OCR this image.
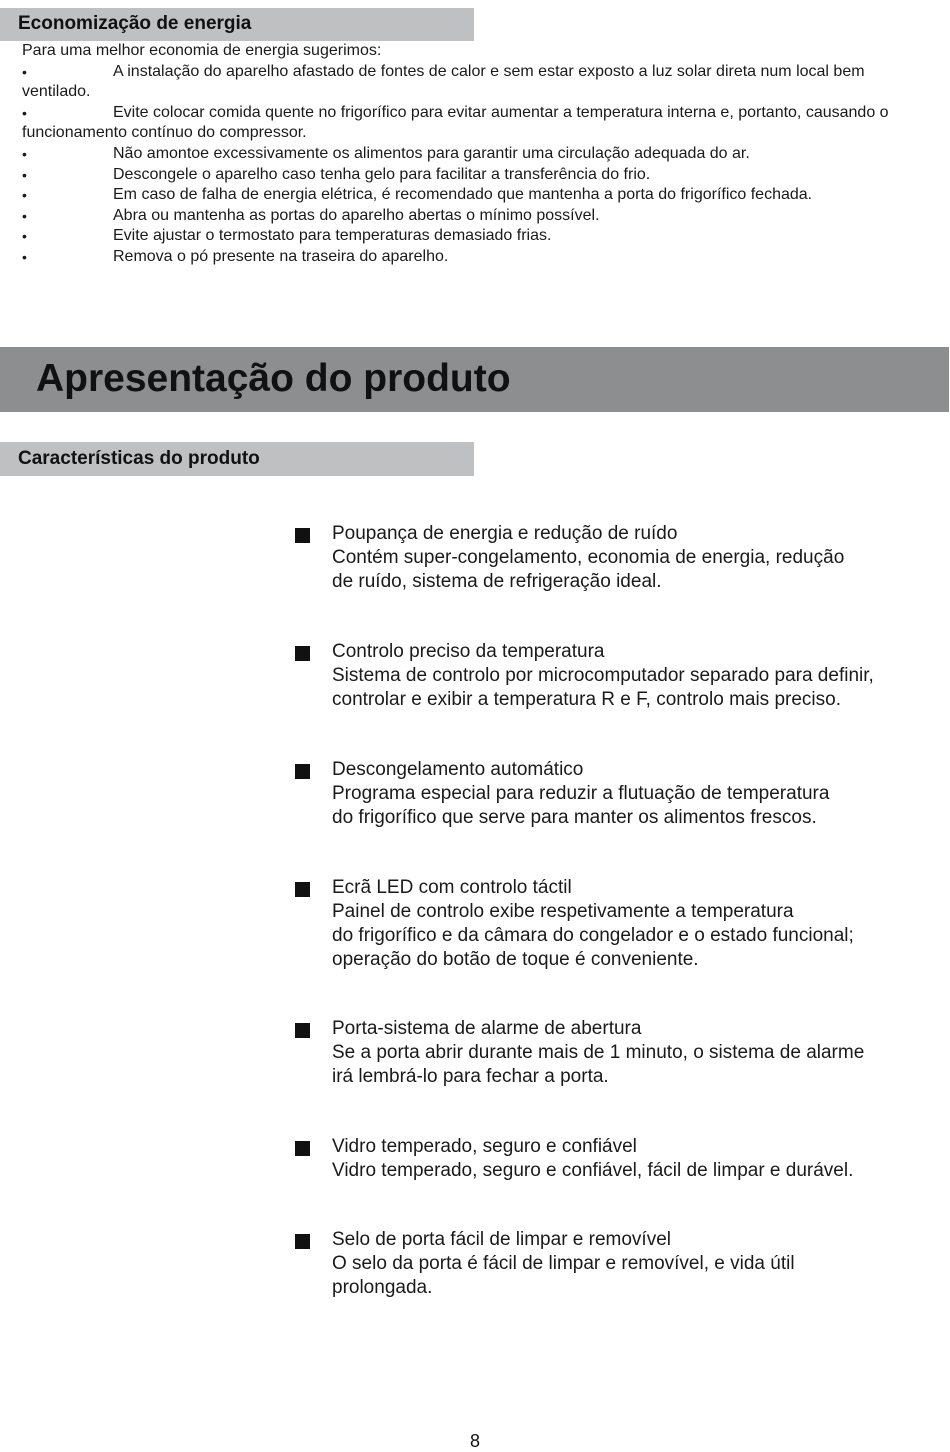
Economização de energia

Para uma melhor economia de energia sugerimos:

•	A instalação do aparelho afastado de fontes de calor e sem estar exposto a luz solar direta num local bem ventilado.
•	Evite colocar comida quente no frigorífico para evitar aumentar a temperatura interna e, portanto, causando o funcionamento contínuo do compressor.
•	Não amontoe excessivamente os alimentos para garantir uma circulação adequada do ar.
•	Descongele o aparelho caso tenha gelo para facilitar a transferência do frio.
•	Em caso de falha de energia elétrica, é recomendado que mantenha a porta do frigorífico fechada.
•	Abra ou mantenha as portas do aparelho abertas o mínimo possível.
•	Evite ajustar o termostato para temperaturas demasiado frias.
•	Remova o pó presente na traseira do aparelho.
Apresentação do produto
Características do produto
Poupança de energia e redução de ruído
Contém super-congelamento, economia de energia, redução
de ruído, sistema de refrigeração ideal.
Controlo preciso da temperatura
Sistema de controlo por microcomputador separado para definir,
controlar e exibir a temperatura R e F, controlo mais preciso.
Descongelamento automático
Programa especial para reduzir a flutuação de temperatura
do frigorífico que serve para manter os alimentos frescos.
Ecrã LED com controlo táctil
Painel de controlo exibe respetivamente a temperatura
do frigorífico e da câmara do congelador e o estado funcional;
operação do botão de toque é conveniente.
Porta-sistema de alarme de abertura
Se a porta abrir durante mais de 1 minuto, o sistema de alarme
irá lembrá-lo para fechar a porta.
Vidro temperado, seguro e confiável
Vidro temperado, seguro e confiável, fácil de limpar e durável.
Selo de porta fácil de limpar e removível
O selo da porta é fácil de limpar e removível, e vida útil
prolongada.
8
